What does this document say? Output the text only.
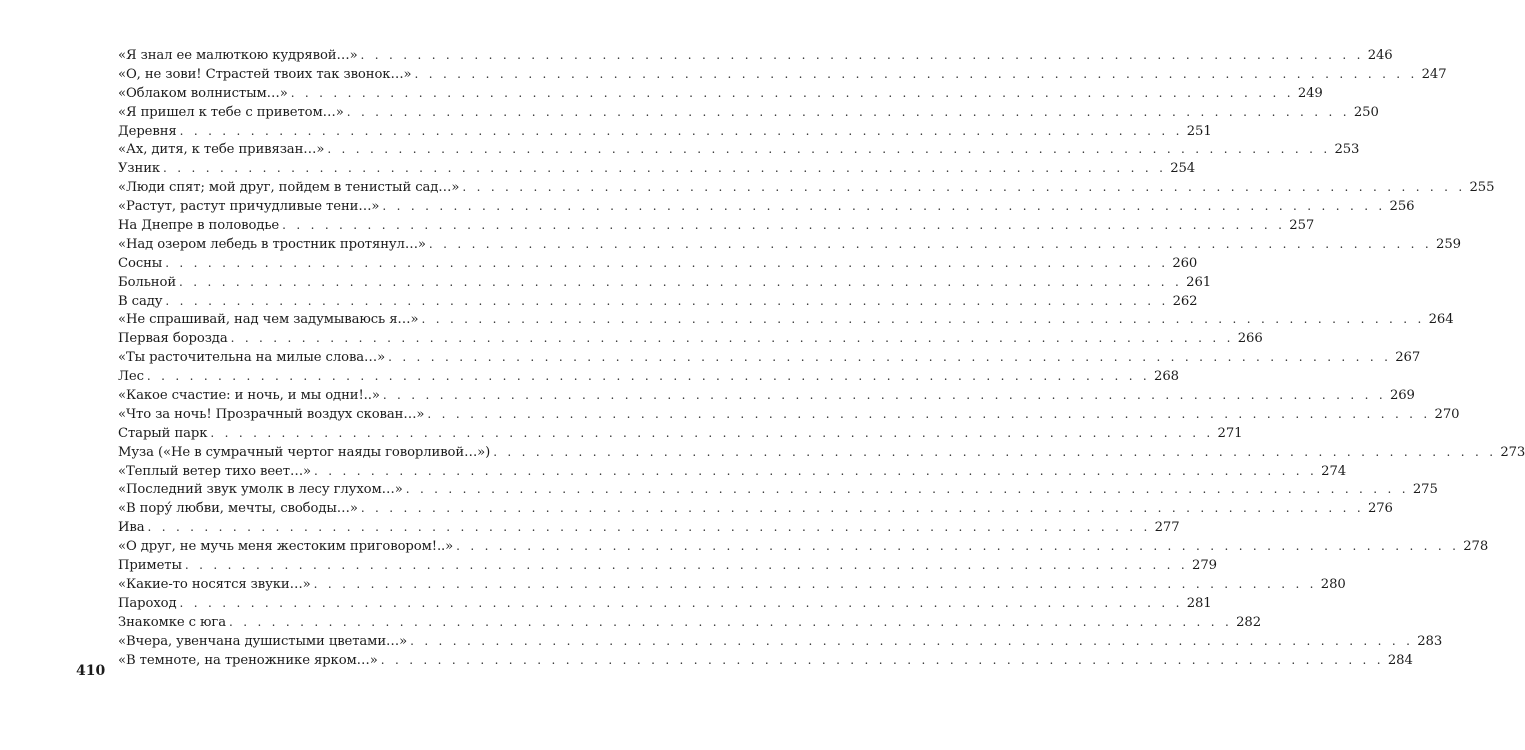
«Я знал ее малюткою кудрявой…» . . .	246
«О, не зови! Страстей твоих так звонок…» . . .	247
«Облаком волнистым…» . . .	249
«Я пришел к тебе с приветом…» . . .	250
Деревня . . .	251
«Ах, дитя, к тебе привязан…» . . .	253
Узник . . .	254
«Люди спят; мой друг, пойдем в тенистый сад…» . . .	255
«Растут, растут причудливые тени…» . . .	256
На Днепре в половодье . . .	257
«Над озером лебедь в тростник протянул…» . . .	259
Сосны . . .	260
Больной . . .	261
В саду . . .	262
«Не спрашивай, над чем задумываюсь я…» . . .	264
Первая борозда . . .	266
«Ты расточительна на милые слова…» . . .	267
Лес . . .	268
«Какое счастие: и ночь, и мы одни!..» . . .	269
«Что за ночь! Прозрачный воздух скован…» . . .	270
Старый парк . . .	271
Муза («Не в сумрачный чертог наяды говорливой…») . . .	273
«Теплый ветер тихо веет…» . . .	274
«Последний звук умолк в лесу глухом…» . . .	275
«В пору́ любви, мечты, свободы…» . . .	276
Ива . . .	277
«О друг, не мучь меня жестоким приговором!..» . . .	278
Приметы . . .	279
«Какие-то носятся звуки…» . . .	280
Пароход . . .	281
Знакомке с юга . . .	282
«Вчера, увенчана душистыми цветами…» . . .	283
«В темноте, на треножнике ярком…» . . .	284
410
